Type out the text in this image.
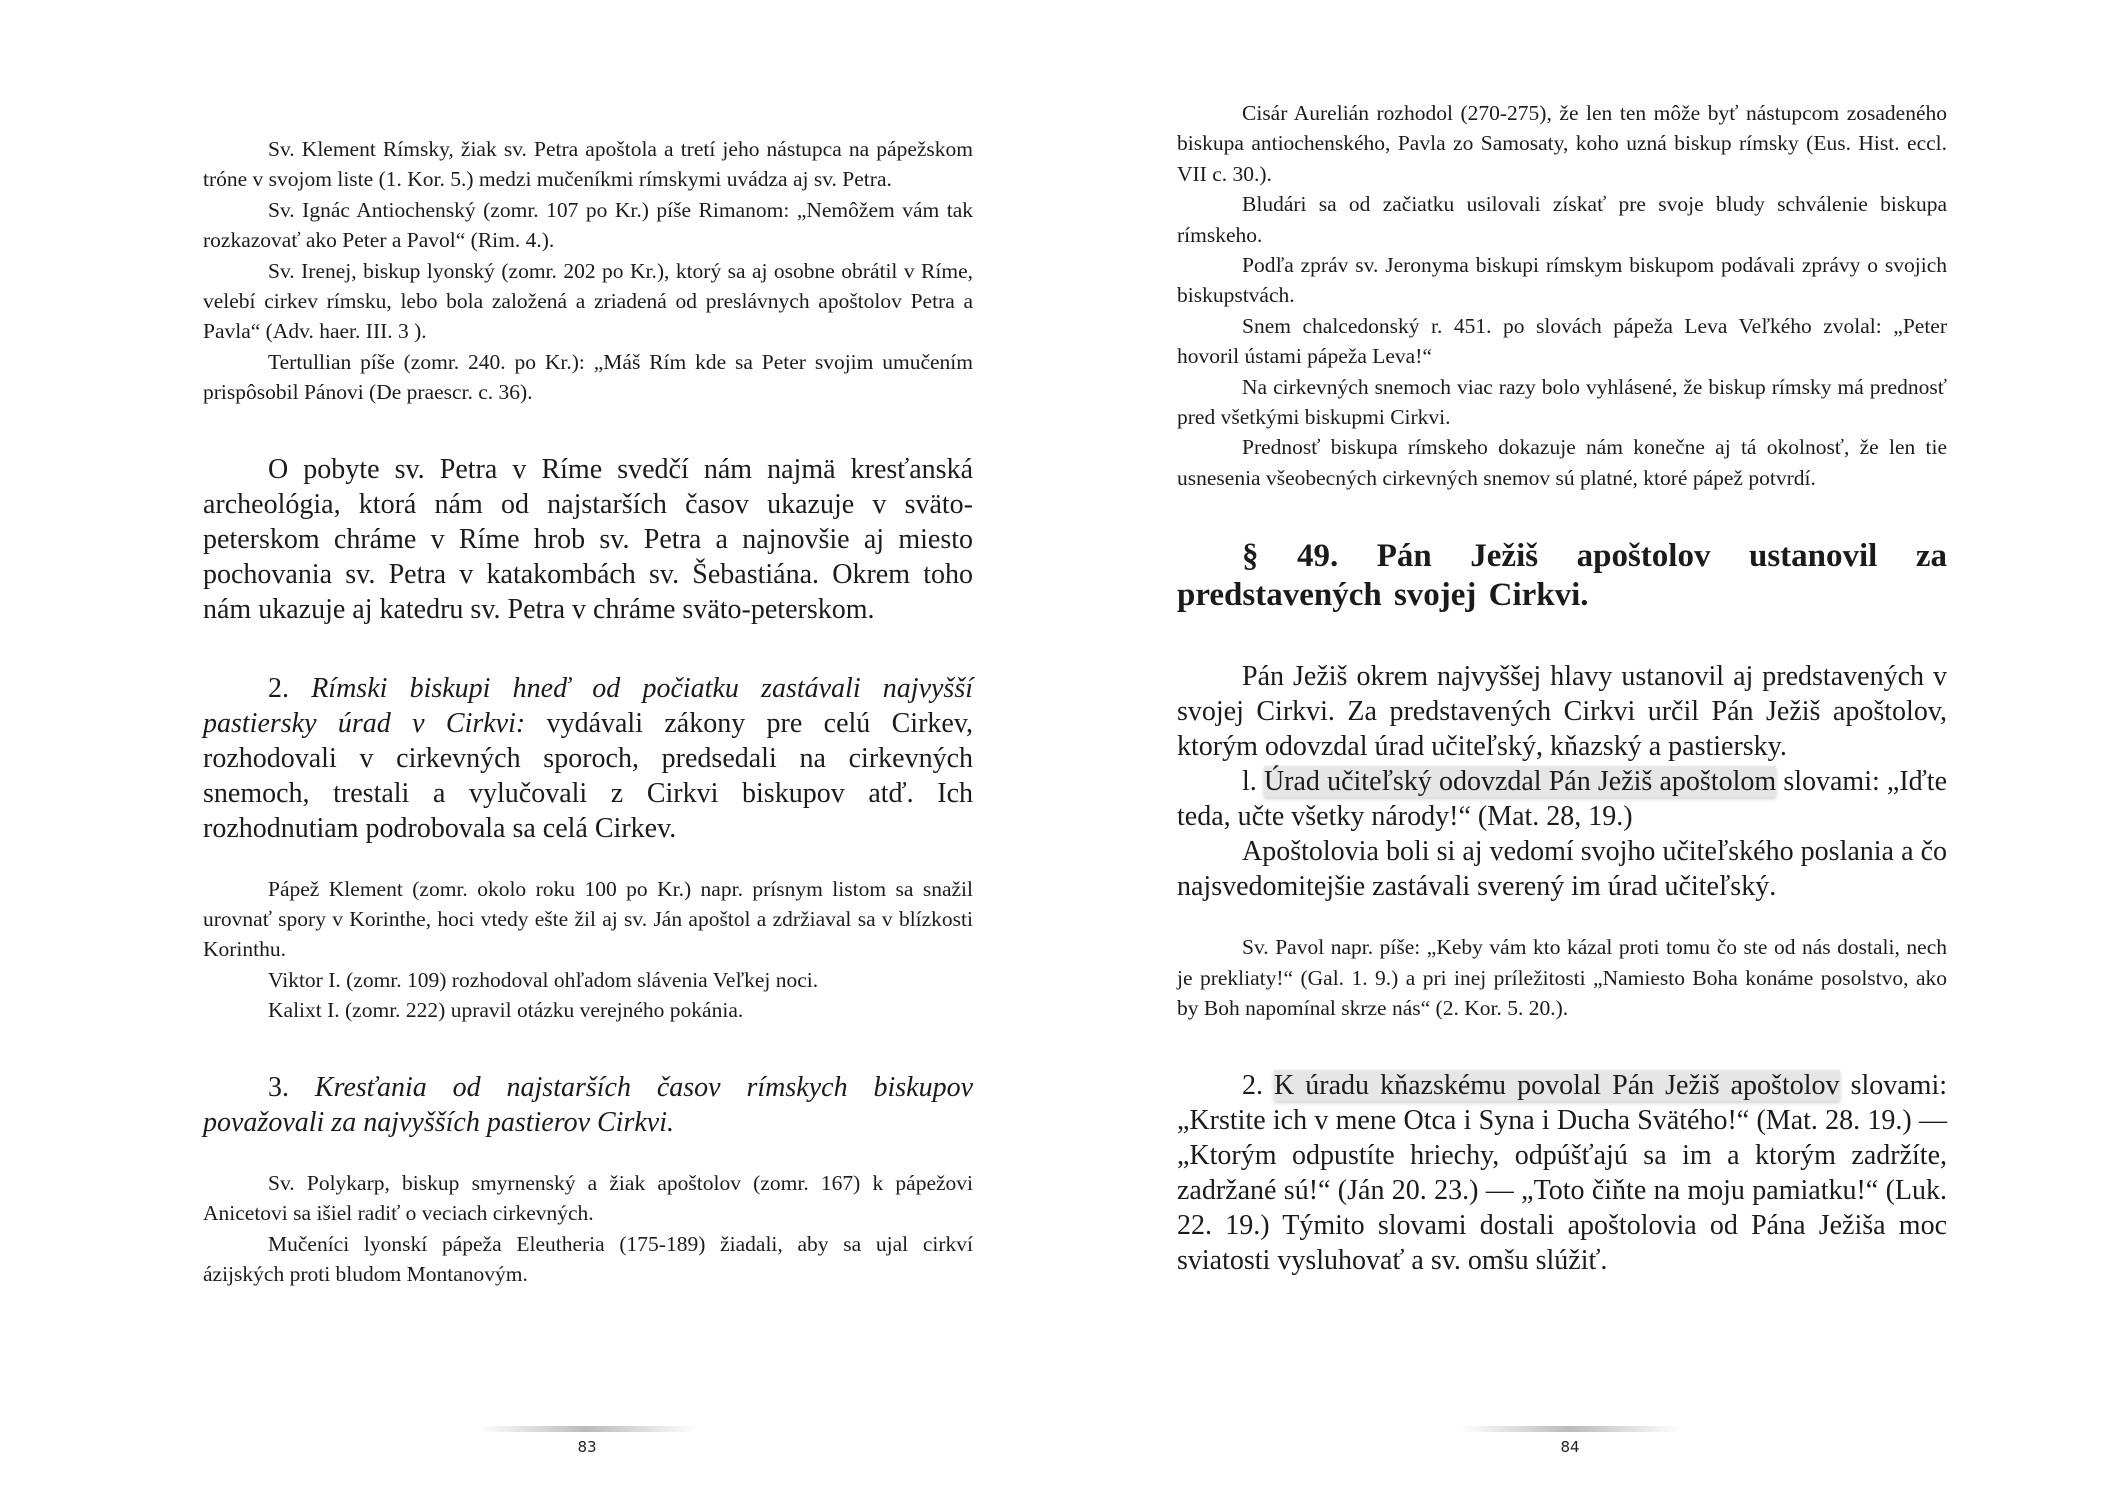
Sv. Klement Rímsky, žiak sv. Petra apoštola a tretí jeho nástupca na pápežskom tróne v svojom liste (1. Kor. 5.) medzi mučeníkmi rímskymi uvádza aj sv. Petra.

Sv. Ignác Antiochenský (zomr. 107 po Kr.) píše Rimanom: „Nemôžem vám tak rozkazovať ako Peter a Pavol“ (Rim. 4.).

Sv. Irenej, biskup lyonský (zomr. 202 po Kr.), ktorý sa aj osobne obrátil v Ríme, velebí cirkev rímsku, lebo bola založená a zriadená od preslávnych apoštolov Petra a Pavla“ (Adv. haer. III. 3 ).

Tertullian píše (zomr. 240. po Kr.): „Máš Rím kde sa Peter svojim umučením prispôsobil Pánovi (De praescr. c. 36).

O pobyte sv. Petra v Ríme svedčí nám najmä kresťanská archeológia, ktorá nám od najstarších časov ukazuje v sväto-peterskom chráme v Ríme hrob sv. Petra a najnovšie aj miesto pochovania sv. Petra v katakombách sv. Šebastiána. Okrem toho nám ukazuje aj katedru sv. Petra v chráme sväto-peterskom.

2. Rímski biskupi hneď od počiatku zastávali najvyšší pastiersky úrad v Cirkvi: vydávali zákony pre celú Cirkev, rozhodovali v cirkevných sporoch, predsedali na cirkevných snemoch, trestali a vylučovali z Cirkvi biskupov atď. Ich rozhodnutiam podrobovala sa celá Cirkev.

Pápež Klement (zomr. okolo roku 100 po Kr.) napr. prísnym listom sa snažil urovnať spory v Korinthe, hoci vtedy ešte žil aj sv. Ján apoštol a zdržiaval sa v blízkosti Korinthu.

Viktor I. (zomr. 109) rozhodoval ohľadom slávenia Veľkej noci.

Kalixt I. (zomr. 222) upravil otázku verejného pokánia.

3. Kresťania od najstarších časov rímskych biskupov považovali za najvyšších pastierov Cirkvi.

Sv. Polykarp, biskup smyrnenský a žiak apoštolov (zomr. 167) k pápežovi Anicetovi sa išiel radiť o veciach cirkevných.

Mučeníci lyonskí pápeža Eleutheria (175-189) žiadali, aby sa ujal cirkví ázijských proti bludom Montanovým.

83

Cisár Aurelián rozhodol (270-275), že len ten môže byť nástupcom zosadeného biskupa antiochenského, Pavla zo Samosaty, koho uzná biskup rímsky (Eus. Hist. eccl. VII c. 30.).

Bludári sa od začiatku usilovali získať pre svoje bludy schválenie biskupa rímskeho.

Podľa zpráv sv. Jeronyma biskupi rímskym biskupom podávali zprávy o svojich biskupstvách.

Snem chalcedonský r. 451. po slovách pápeža Leva Veľkého zvolal: „Peter hovoril ústami pápeža Leva!“

Na cirkevných snemoch viac razy bolo vyhlásené, že biskup rímsky má prednosť pred všetkými biskupmi Cirkvi.

Prednosť biskupa rímskeho dokazuje nám konečne aj tá okolnosť, že len tie usnesenia všeobecných cirkevných snemov sú platné, ktoré pápež potvrdí.

§ 49. Pán Ježiš apoštolov ustanovil za predstavených svojej Cirkvi.

Pán Ježiš okrem najvyššej hlavy ustanovil aj predstavených v svojej Cirkvi. Za predstavených Cirkvi určil Pán Ježiš apoštolov, ktorým odovzdal úrad učiteľský, kňazský a pastiersky.

l. Úrad učiteľský odovzdal Pán Ježiš apoštolom slovami: „Iďte teda, učte všetky národy!“ (Mat. 28, 19.)

Apoštolovia boli si aj vedomí svojho učiteľského poslania a čo najsvedomitejšie zastávali sverený im úrad učiteľský.

Sv. Pavol napr. píše: „Keby vám kto kázal proti tomu čo ste od nás dostali, nech je prekliaty!“ (Gal. 1. 9.) a pri inej príležitosti „Namiesto Boha konáme posolstvo, ako by Boh napomínal skrze nás“ (2. Kor. 5. 20.).

2. K úradu kňazskému povolal Pán Ježiš apoštolov slovami: „Krstite ich v mene Otca i Syna i Ducha Svätého!“ (Mat. 28. 19.) — „Ktorým odpustíte hriechy, odpúšťajú sa im a ktorým zadržíte, zadržané sú!“ (Ján 20. 23.) — „Toto čiňte na moju pamiatku!“ (Luk. 22. 19.) Týmito slovami dostali apoštolovia od Pána Ježiša moc sviatosti vysluhovať a sv. omšu slúžiť.

84
